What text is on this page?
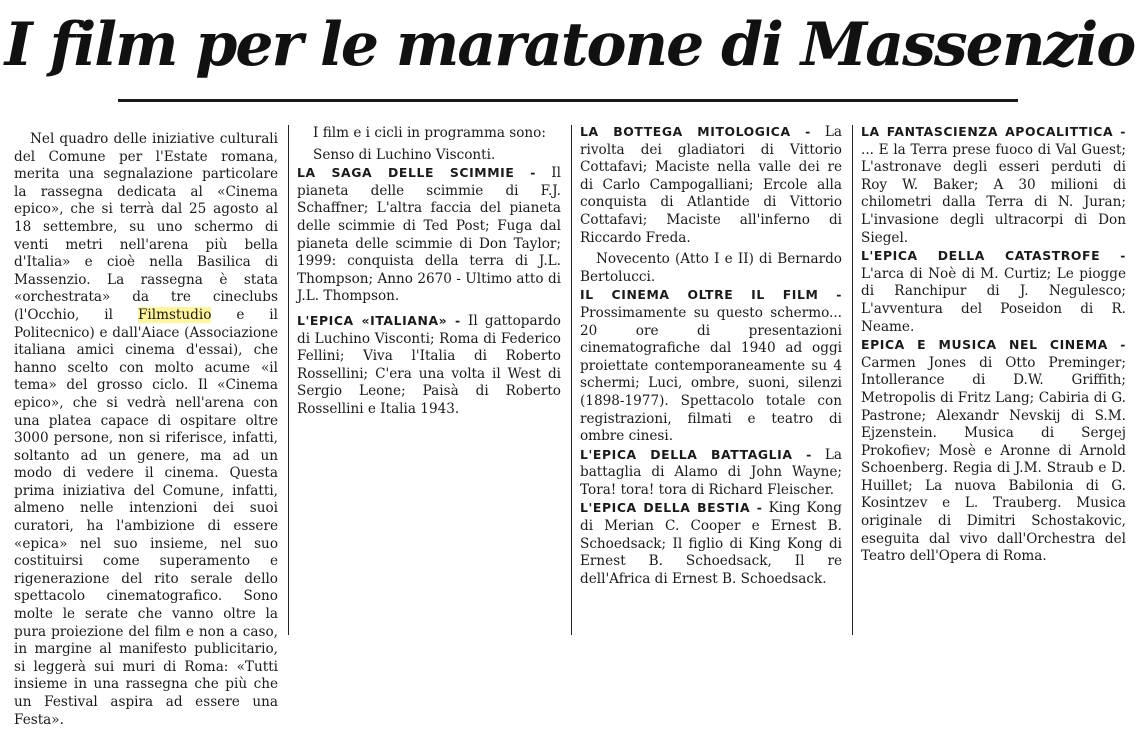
I film per le maratone di Massenzio

Nel quadro delle iniziative culturali del Comune per l'Estate romana, merita una segnalazione particolare la rassegna dedicata al «Cinema epico», che si terrà dal 25 agosto al 18 settembre, su uno schermo di venti metri nell'arena più bella d'Italia» e cioè nella Basilica di Massenzio. La rassegna è stata «orchestrata» da tre cineclubs (l'Occhio, il Filmstudio e il Politecnico) e dall'Aiace (Associazione italiana amici cinema d'essai), che hanno scelto con molto acume «il tema» del grosso ciclo. Il «Cinema epico», che si vedrà nell'arena con una platea capace di ospitare oltre 3000 persone, non si riferisce, infatti, soltanto ad un genere, ma ad un modo di vedere il cinema. Questa prima iniziativa del Comune, infatti, almeno nelle intenzioni dei suoi curatori, ha l'ambizione di essere «epica» nel suo insieme, nel suo costituirsi come superamento e rigenerazione del rito serale dello spettacolo cinematografico. Sono molte le serate che vanno oltre la pura proiezione del film e non a caso, in margine al manifesto publicitario, si leggerà sui muri di Roma: «Tutti insieme in una rassegna che più che un Festival aspira ad essere una Festa».

LA BOTTEGA MITOLOGICA - La rivolta dei gladiatori di Vittorio Cottafavi; Maciste nella valle dei re di Carlo Campogalliani; Ercole alla conquista di Atlantide di Vittorio Cottafavi; Maciste all'inferno di Riccardo Freda.

Novecento (Atto I e II) di Bernardo Bertolucci.

IL CINEMA OLTRE IL FILM - Prossimamente su questo schermo... 20 ore di presentazioni cinematografiche dal 1940 ad oggi proiettate contemporaneamente su 4 schermi; Luci, ombre, suoni, silenzi (1898-1977). Spettacolo totale con registrazioni, filmati e teatro di ombre cinesi.

L'EPICA DELLA BATTAGLIA - La battaglia di Alamo di John Wayne; Tora! tora! tora di Richard Fleischer.

L'EPICA DELLA BESTIA - King Kong di Merian C. Cooper e Ernest B. Schoedsack; Il figlio di King Kong di Ernest B. Schoedsack, Il re dell'Africa di Ernest B. Schoedsack.

LA FANTASCIENZA APOCALITTICA - ... E la Terra prese fuoco di Val Guest; L'astronave degli esseri perduti di Roy W. Baker; A 30 milioni di chilometri dalla Terra di N. Juran; L'invasione degli ultracorpi di Don Siegel.

L'EPICA DELLA CATASTROFE - L'arca di Noè di M. Curtiz; Le piogge di Ranchipur di J. Negulesco; L'avventura del Poseidon di R. Neame.

EPICA E MUSICA NEL CINEMA - Carmen Jones di Otto Preminger; Intollerance di D.W. Griffith; Metropolis di Fritz Lang; Cabiria di G. Pastrone; Alexandr Nevskij di S.M. Ejzenstein. Musica di Sergej Prokofiev; Mosè e Aronne di Arnold Schoenberg. Regia di J.M. Straub e D. Huillet; La nuova Babilonia di G. Kosintzev e L. Trauberg. Musica originale di Dimitri Schostakovic, eseguita dal vivo dall'Orchestra del Teatro dell'Opera di Roma.

I film e i cicli in programma sono:

Senso di Luchino Visconti.

LA SAGA DELLE SCIMMIE - Il pianeta delle scimmie di F.J. Schaffner; L'altra faccia del pianeta delle scimmie di Ted Post; Fuga dal pianeta delle scimmie di Don Taylor; 1999: conquista della terra di J.L. Thompson; Anno 2670 - Ultimo atto di J.L. Thompson.

L'EPICA «ITALIANA» - Il gattopardo di Luchino Visconti; Roma di Federico Fellini; Viva l'Italia di Roberto Rossellini; C'era una volta il West di Sergio Leone; Paisà di Roberto Rossellini e Italia 1943.
